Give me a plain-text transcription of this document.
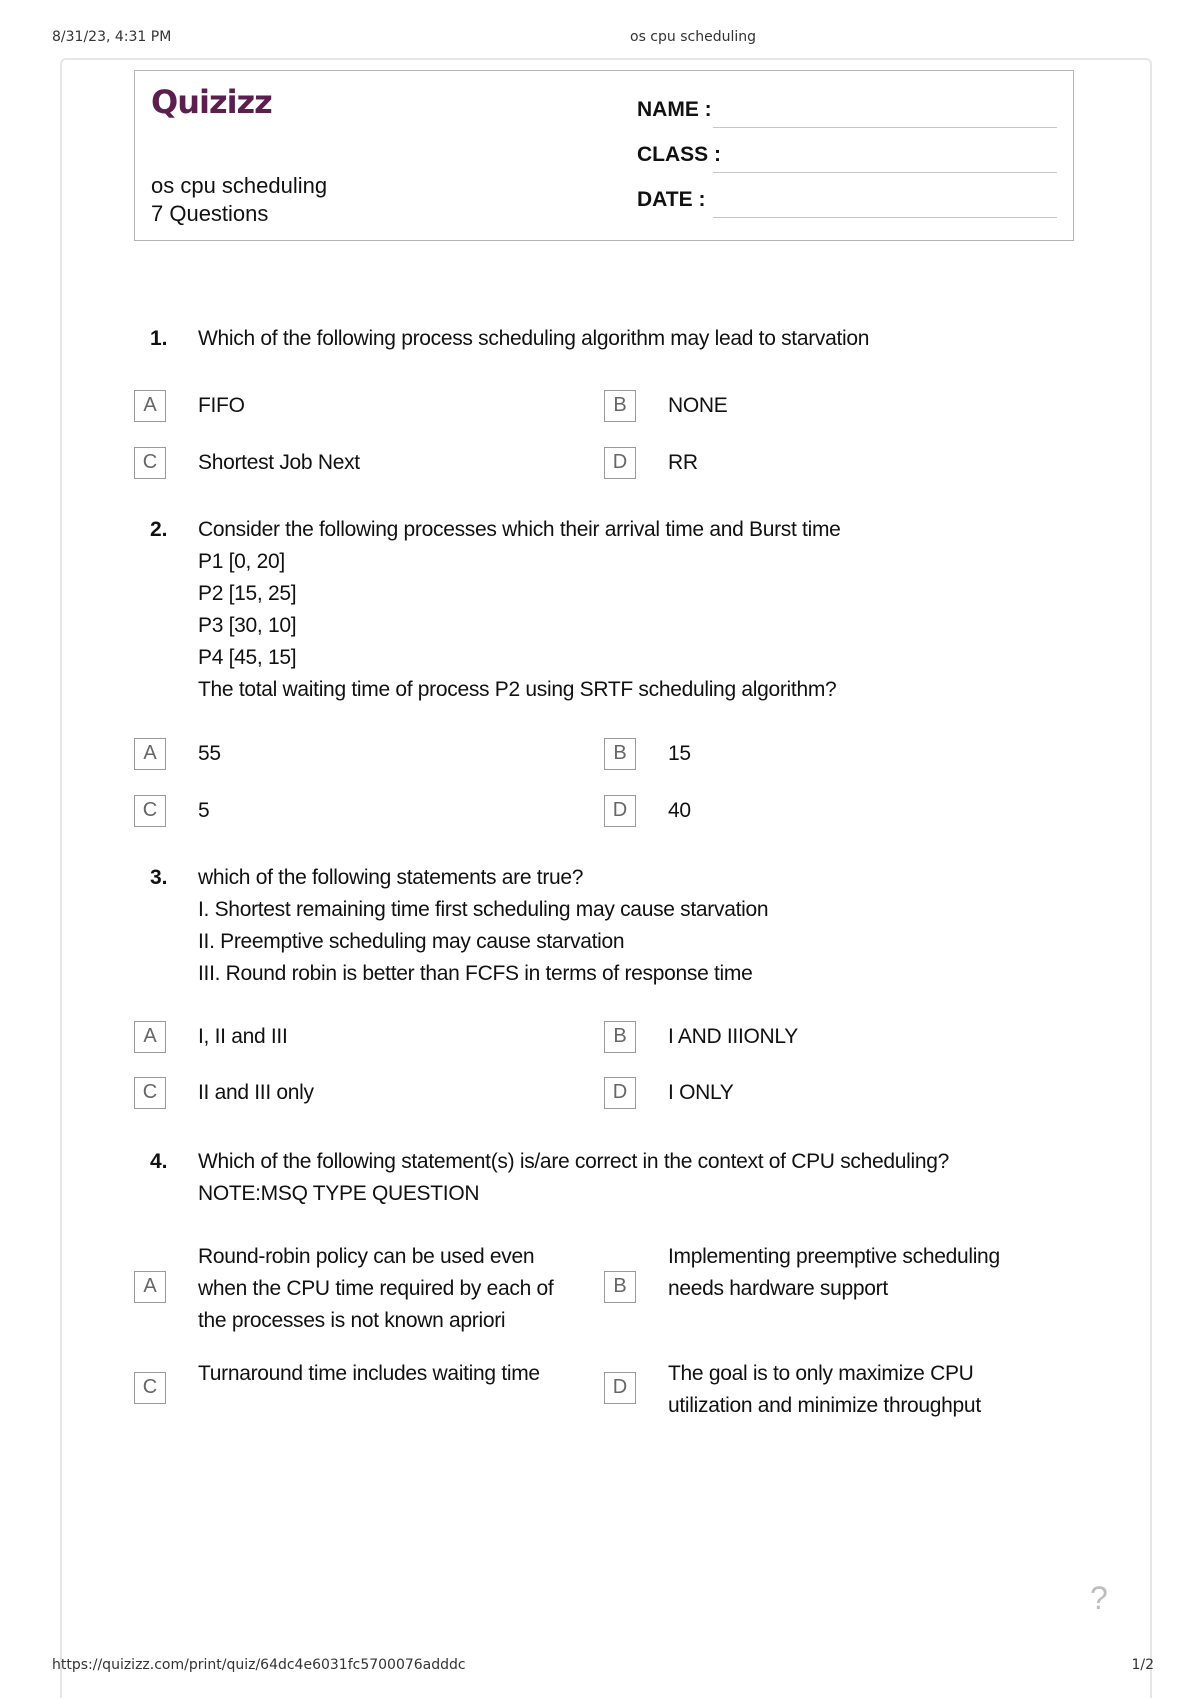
8/31/23, 4:31 PM	os cpu scheduling
Quizizz
os cpu scheduling
7 Questions
NAME :
CLASS :
DATE :
1. Which of the following process scheduling algorithm may lead to starvation
A	FIFO	B	NONE
C	Shortest Job Next	D	RR
2. Consider the following processes which their arrival time and Burst time
P1 [0, 20]
P2 [15, 25]
P3 [30, 10]
P4 [45, 15]
The total waiting time of process P2 using SRTF scheduling algorithm?
A	55	B	15
C	5	D	40
3. which of the following statements are true?
I. Shortest remaining time first scheduling may cause starvation
II. Preemptive scheduling may cause starvation
III. Round robin is better than FCFS in terms of response time
A	I, II and III	B	I AND IIIONLY
C	II and III only	D	I ONLY
4. Which of the following statement(s) is/are correct in the context of CPU scheduling?
NOTE:MSQ TYPE QUESTION
A
Round-robin policy can be used even
when the CPU time required by each of
the processes is not known apriori
B
Implementing preemptive scheduling
needs hardware support
C
Turnaround time includes waiting time
D
The goal is to only maximize CPU
utilization and minimize throughput
?
https://quizizz.com/print/quiz/64dc4e6031fc5700076adddc	1/2
